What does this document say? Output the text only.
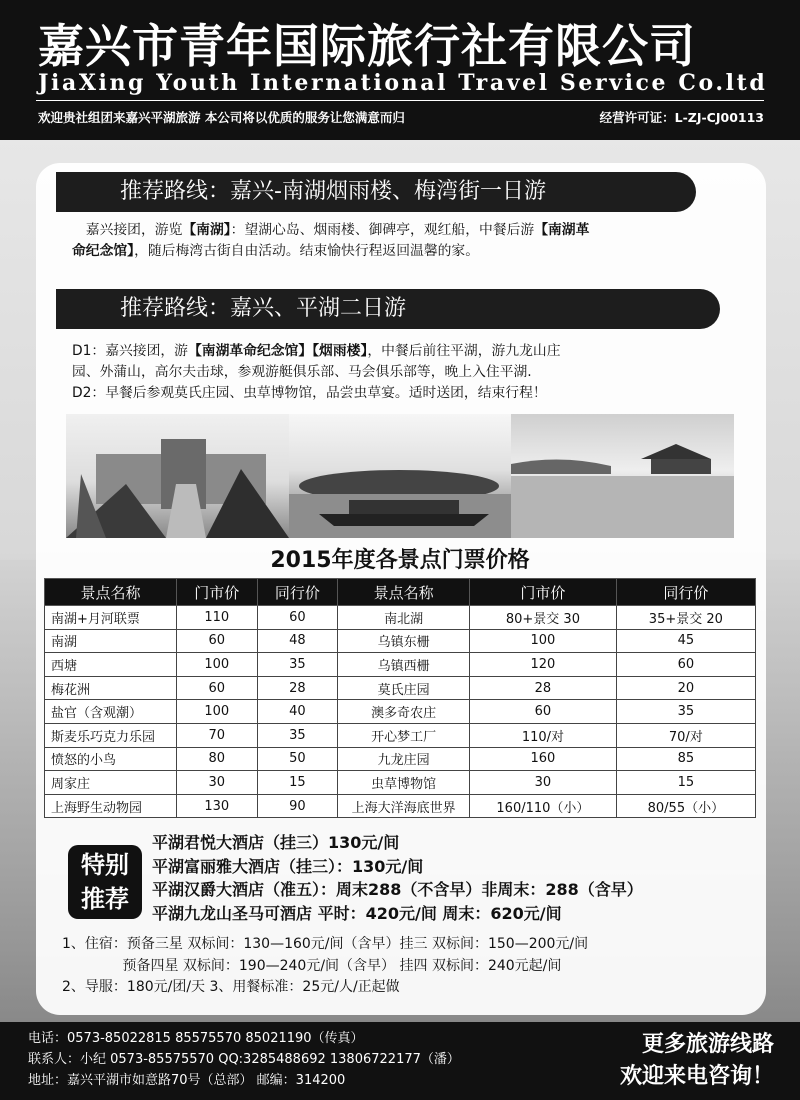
嘉兴市青年国际旅行社有限公司
JiaXing Youth International Travel Service Co.ltd
欢迎贵社组团来嘉兴平湖旅游 本公司将以优质的服务让您满意而归	经营许可证：L-ZJ-CJ00113
推荐路线：嘉兴-南湖烟雨楼、梅湾街一日游
　嘉兴接团，游览【南湖】：望湖心岛、烟雨楼、御碑亭，观红船，中餐后游【南湖革
命纪念馆】，随后梅湾古街自由活动。结束愉快行程返回温馨的家。
推荐路线：嘉兴、平湖二日游
D1：嘉兴接团，游【南湖革命纪念馆】【烟雨楼】，中餐后前往平湖，游九龙山庄
园、外蒲山，高尔夫击球，参观游艇俱乐部、马会俱乐部等，晚上入住平湖.
D2：早餐后参观莫氏庄园、虫草博物馆，品尝虫草宴。适时送团，结束行程！
2015年度各景点门票价格
景点名称	门市价	同行价	景点名称	门市价	同行价
南湖+月河联票	110	60	南北湖	80+景交 30	35+景交 20
南湖	60	48	乌镇东栅	100	45
西塘	100	35	乌镇西栅	120	60
梅花洲	60	28	莫氏庄园	28	20
盐官（含观潮）	100	40	澳多奇农庄	60	35
斯麦乐巧克力乐园	70	35	开心梦工厂	110/对	70/对
愤怒的小鸟	80	50	九龙庄园	160	85
周家庄	30	15	虫草博物馆	30	15
上海野生动物园	130	90	上海大洋海底世界	160/110（小）	80/55（小）
特别
推荐
平湖君悦大酒店（挂三）130元/间
平湖富丽雅大酒店（挂三）：130元/间
平湖汉爵大酒店（准五）：周末288（不含早）非周末：288（含早）
平湖九龙山圣马可酒店 平时：420元/间 周末：620元/间
1、住宿：预备三星 双标间：130—160元/间（含早）挂三 双标间：150—200元/间
　　　　 预备四星 双标间：190—240元/间（含早） 挂四 双标间：240元起/间
2、导服：180元/团/天 3、用餐标准：25元/人/正起做
电话：0573-85022815 85575570 85021190（传真）
联系人：小纪 0573-85575570 QQ:3285488692 13806722177（潘）
地址：嘉兴平湖市如意路70号（总部） 邮编：314200
更多旅游线路
欢迎来电咨询！
